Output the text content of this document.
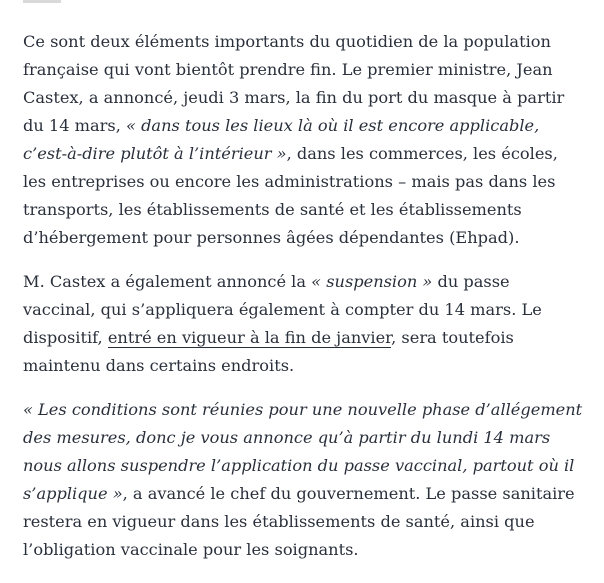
Ce sont deux éléments importants du quotidien de la population française qui vont bientôt prendre fin. Le premier ministre, Jean Castex, a annoncé, jeudi 3 mars, la fin du port du masque à partir du 14 mars, « dans tous les lieux là où il est encore applicable, c’est-à-dire plutôt à l’intérieur », dans les commerces, les écoles, les entreprises ou encore les administrations – mais pas dans les transports, les établissements de santé et les établissements d’hébergement pour personnes âgées dépendantes (Ehpad).

M. Castex a également annoncé la « suspension » du passe vaccinal, qui s’appliquera également à compter du 14 mars. Le dispositif, entré en vigueur à la fin de janvier, sera toutefois maintenu dans certains endroits.

« Les conditions sont réunies pour une nouvelle phase d’allégement des mesures, donc je vous annonce qu’à partir du lundi 14 mars nous allons suspendre l’application du passe vaccinal, partout où il s’applique », a avancé le chef du gouvernement. Le passe sanitaire restera en vigueur dans les établissements de santé, ainsi que l’obligation vaccinale pour les soignants.
